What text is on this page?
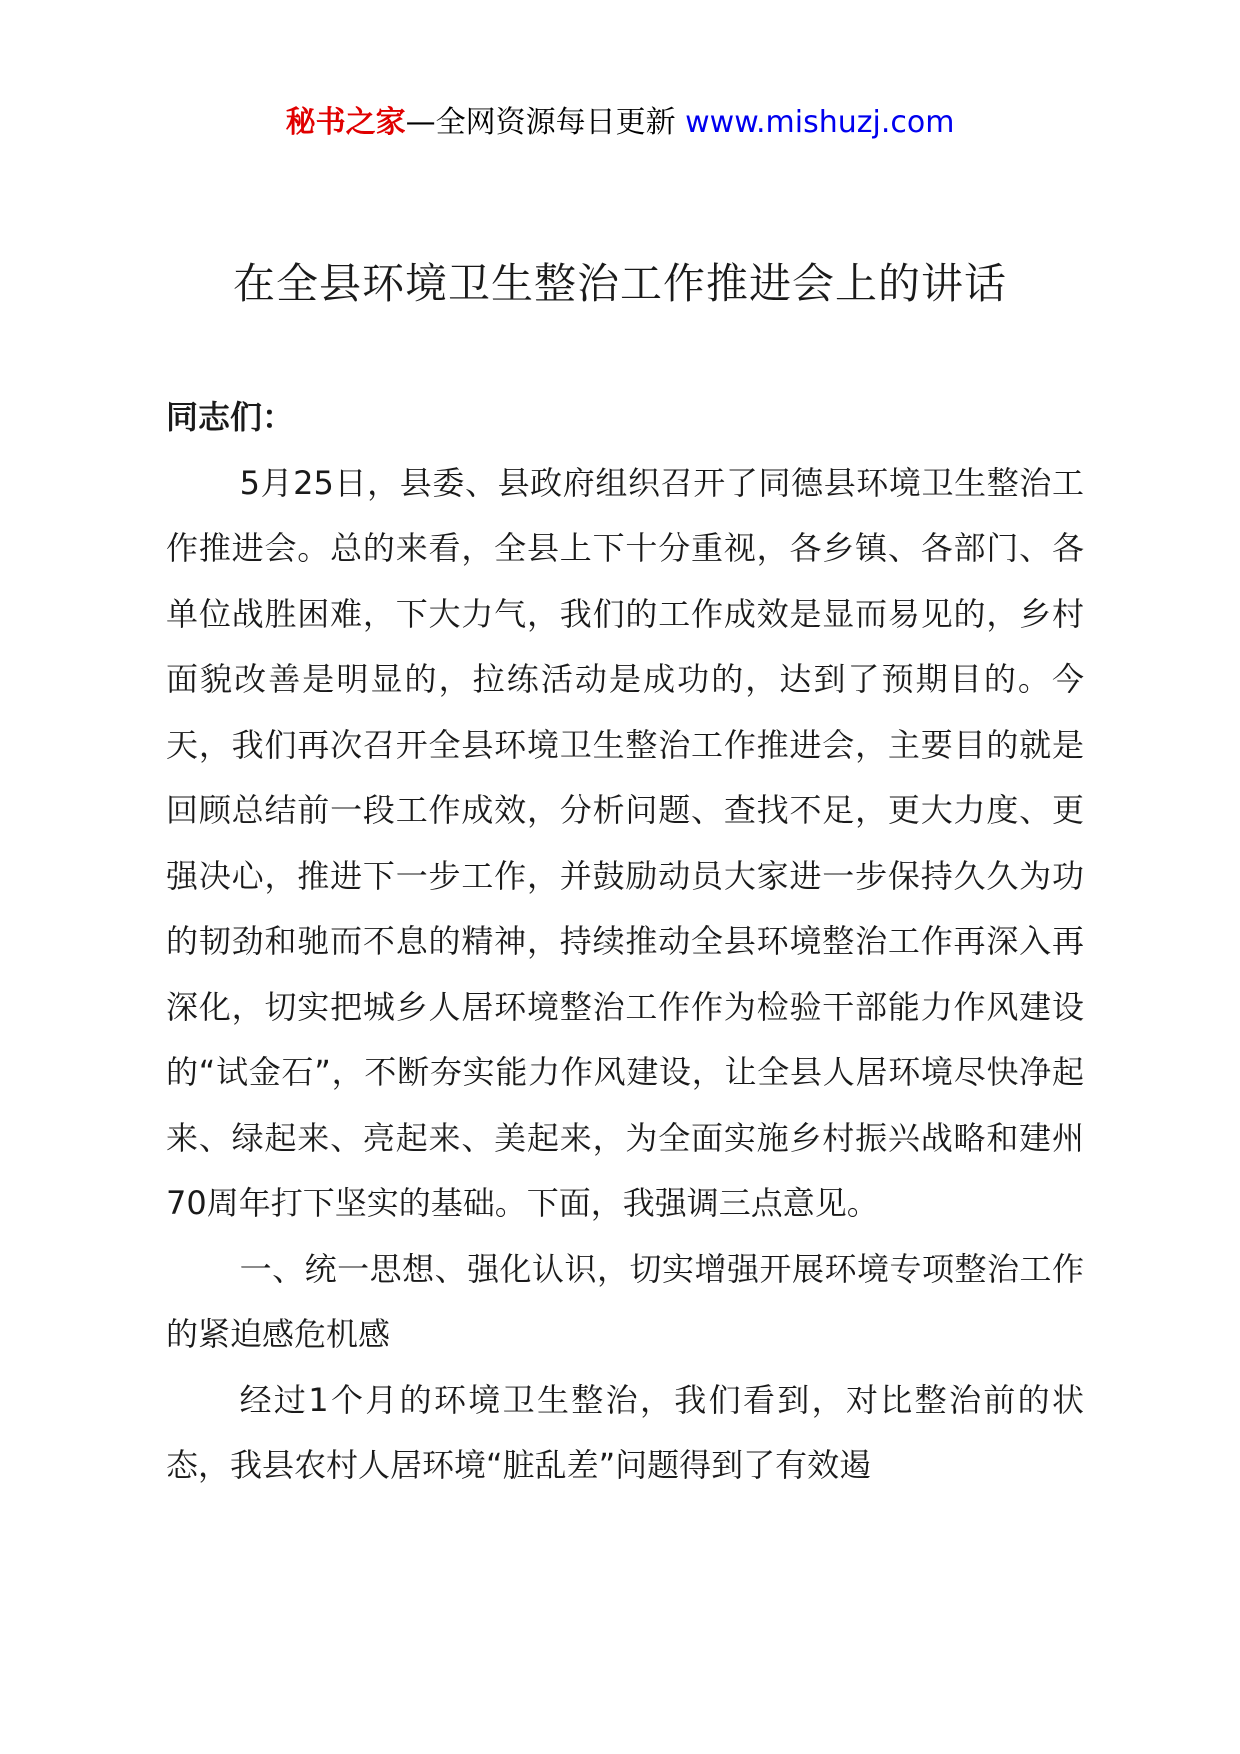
秘书之家—全网资源每日更新 www.mishuzj.com
在全县环境卫生整治工作推进会上的讲话

同志们：

5月25日，县委、县政府组织召开了同德县环境卫生整治工作推进会。总的来看，全县上下十分重视，各乡镇、各部门、各单位战胜困难，下大力气，我们的工作成效是显而易见的，乡村面貌改善是明显的，拉练活动是成功的，达到了预期目的。今天，我们再次召开全县环境卫生整治工作推进会，主要目的就是回顾总结前一段工作成效，分析问题、查找不足，更大力度、更强决心，推进下一步工作，并鼓励动员大家进一步保持久久为功的韧劲和驰而不息的精神，持续推动全县环境整治工作再深入再深化，切实把城乡人居环境整治工作作为检验干部能力作风建设的“试金石”，不断夯实能力作风建设，让全县人居环境尽快净起来、绿起来、亮起来、美起来，为全面实施乡村振兴战略和建州70周年打下坚实的基础。下面，我强调三点意见。

一、统一思想、强化认识，切实增强开展环境专项整治工作的紧迫感危机感

经过1个月的环境卫生整治，我们看到，对比整治前的状态，我县农村人居环境“脏乱差”问题得到了有效遏
